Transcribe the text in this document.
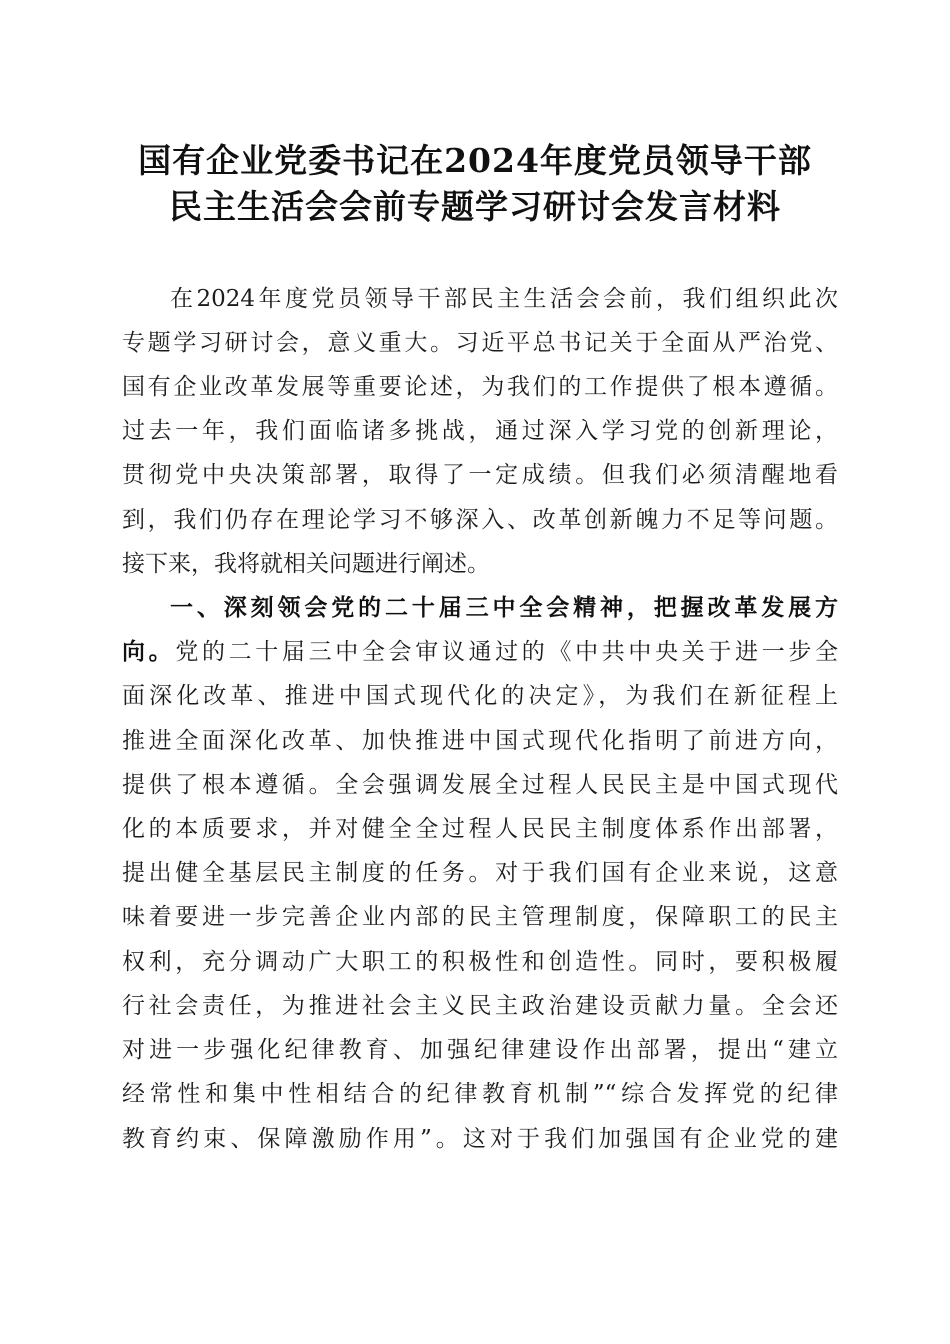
国有企业党委书记在2024年度党员领导干部
民主生活会会前专题学习研讨会发言材料
在2024年度党员领导干部民主生活会会前，我们组织此次
专题学习研讨会，意义重大。习近平总书记关于全面从严治党、
国有企业改革发展等重要论述，为我们的工作提供了根本遵循。
过去一年，我们面临诸多挑战，通过深入学习党的创新理论，
贯彻党中央决策部署，取得了一定成绩。但我们必须清醒地看
到，我们仍存在理论学习不够深入、改革创新魄力不足等问题。
接下来，我将就相关问题进行阐述。
一、深刻领会党的二十届三中全会精神，把握改革发展方
向。党的二十届三中全会审议通过的《中共中央关于进一步全
面深化改革、推进中国式现代化的决定》，为我们在新征程上
推进全面深化改革、加快推进中国式现代化指明了前进方向，
提供了根本遵循。全会强调发展全过程人民民主是中国式现代
化的本质要求，并对健全全过程人民民主制度体系作出部署，
提出健全基层民主制度的任务。对于我们国有企业来说，这意
味着要进一步完善企业内部的民主管理制度，保障职工的民主
权利，充分调动广大职工的积极性和创造性。同时，要积极履
行社会责任，为推进社会主义民主政治建设贡献力量。全会还
对进一步强化纪律教育、加强纪律建设作出部署，提出“建立
经常性和集中性相结合的纪律教育机制”“综合发挥党的纪律
教育约束、保障激励作用”。这对于我们加强国有企业党的建
